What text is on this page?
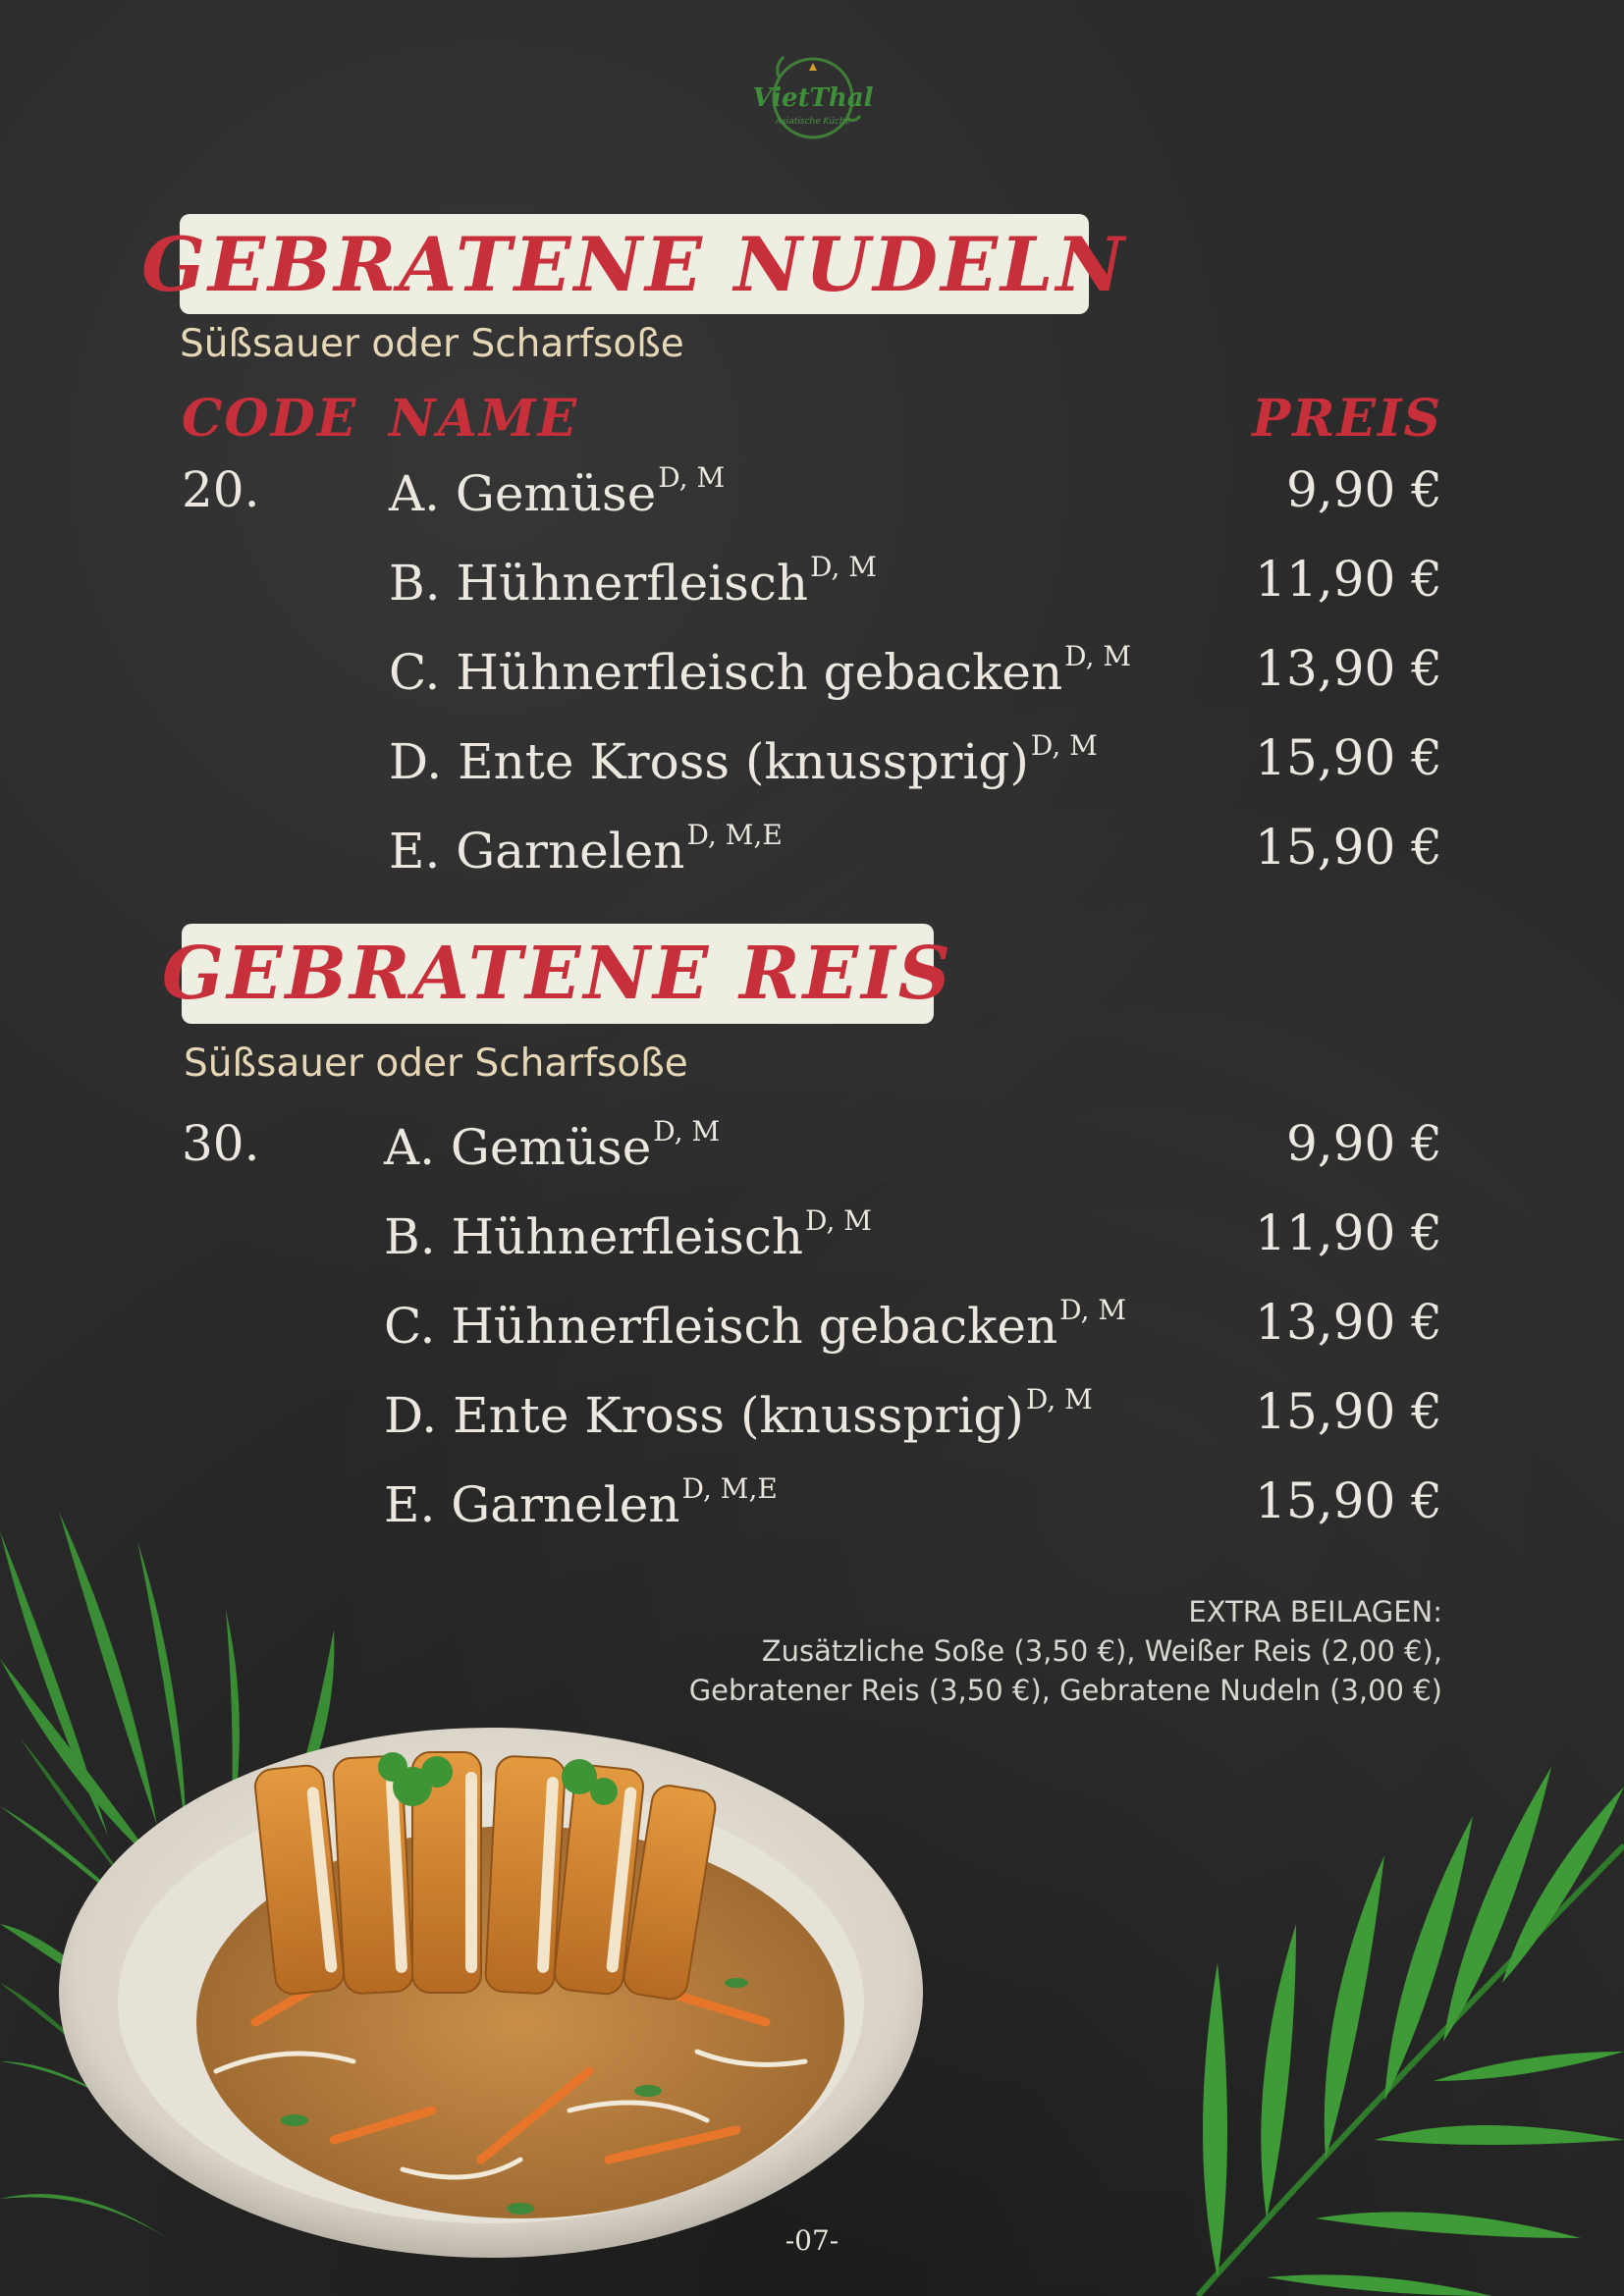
VietThal
Asiatische Küche
GEBRATENE NUDELN
Süßsauer oder Scharfsoße
CODE NAME	PREIS
20.	A. Gemüse$^{D, M}$	9,90 €
B. Hühnerfleisch$^{D, M}$	11,90 €
C. Hühnerfleisch gebacken$^{D, M}$	13,90 €
D. Ente Kross (knussprig)$^{D, M}$	15,90 €
E. Garnelen$^{D, M,E}$	15,90 €
GEBRATENE REIS
Süßsauer oder Scharfsoße
30.	A. Gemüse$^{D, M}$	9,90 €
B. Hühnerfleisch$^{D, M}$	11,90 €
C. Hühnerfleisch gebacken$^{D, M}$	13,90 €
D. Ente Kross (knussprig)$^{D, M}$	15,90 €
E. Garnelen$^{D, M,E}$	15,90 €
EXTRA BEILAGEN:
Zusätzliche Soße (3,50 €), Weißer Reis (2,00 €),
Gebratener Reis (3,50 €), Gebratene Nudeln (3,00 €)
-07-
